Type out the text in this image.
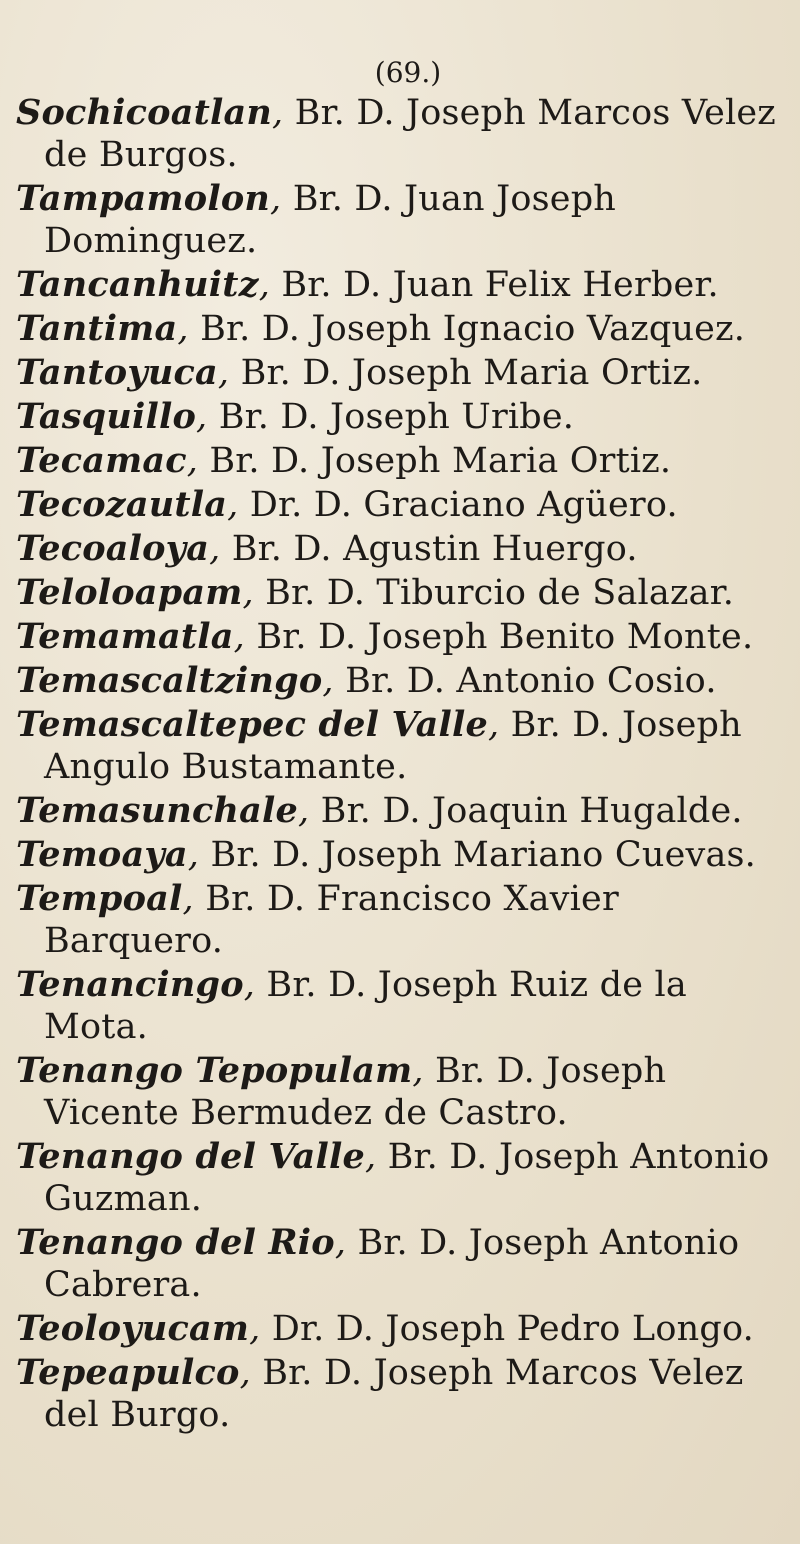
(69.)
Sochicoatlan, Br. D. Joseph Marcos Velez de Burgos.
Tampamolon, Br. D. Juan Joseph Dominguez.
Tancanhuitz, Br. D. Juan Felix Herber.
Tantima, Br. D. Joseph Ignacio Vazquez.
Tantoyuca, Br. D. Joseph Maria Ortiz.
Tasquillo, Br. D. Joseph Uribe.
Tecamac, Br. D. Joseph Maria Ortiz.
Tecozautla, Dr. D. Graciano Agüero.
Tecoaloya, Br. D. Agustin Huergo.
Teloloapam, Br. D. Tiburcio de Salazar.
Temamatla, Br. D. Joseph Benito Monte.
Temascaltzingo, Br. D. Antonio Cosio.
Temascaltepec del Valle, Br. D. Joseph Angulo Bustamante.
Temasunchale, Br. D. Joaquin Hugalde.
Temoaya, Br. D. Joseph Mariano Cuevas.
Tempoal, Br. D. Francisco Xavier Barquero.
Tenancingo, Br. D. Joseph Ruiz de la Mota.
Tenango Tepopulam, Br. D. Joseph Vicente Bermudez de Castro.
Tenango del Valle, Br. D. Joseph Antonio Guzman.
Tenango del Rio, Br. D. Joseph Antonio Cabrera.
Teoloyucam, Dr. D. Joseph Pedro Longo.
Tepeapulco, Br. D. Joseph Marcos Velez del Burgo.
